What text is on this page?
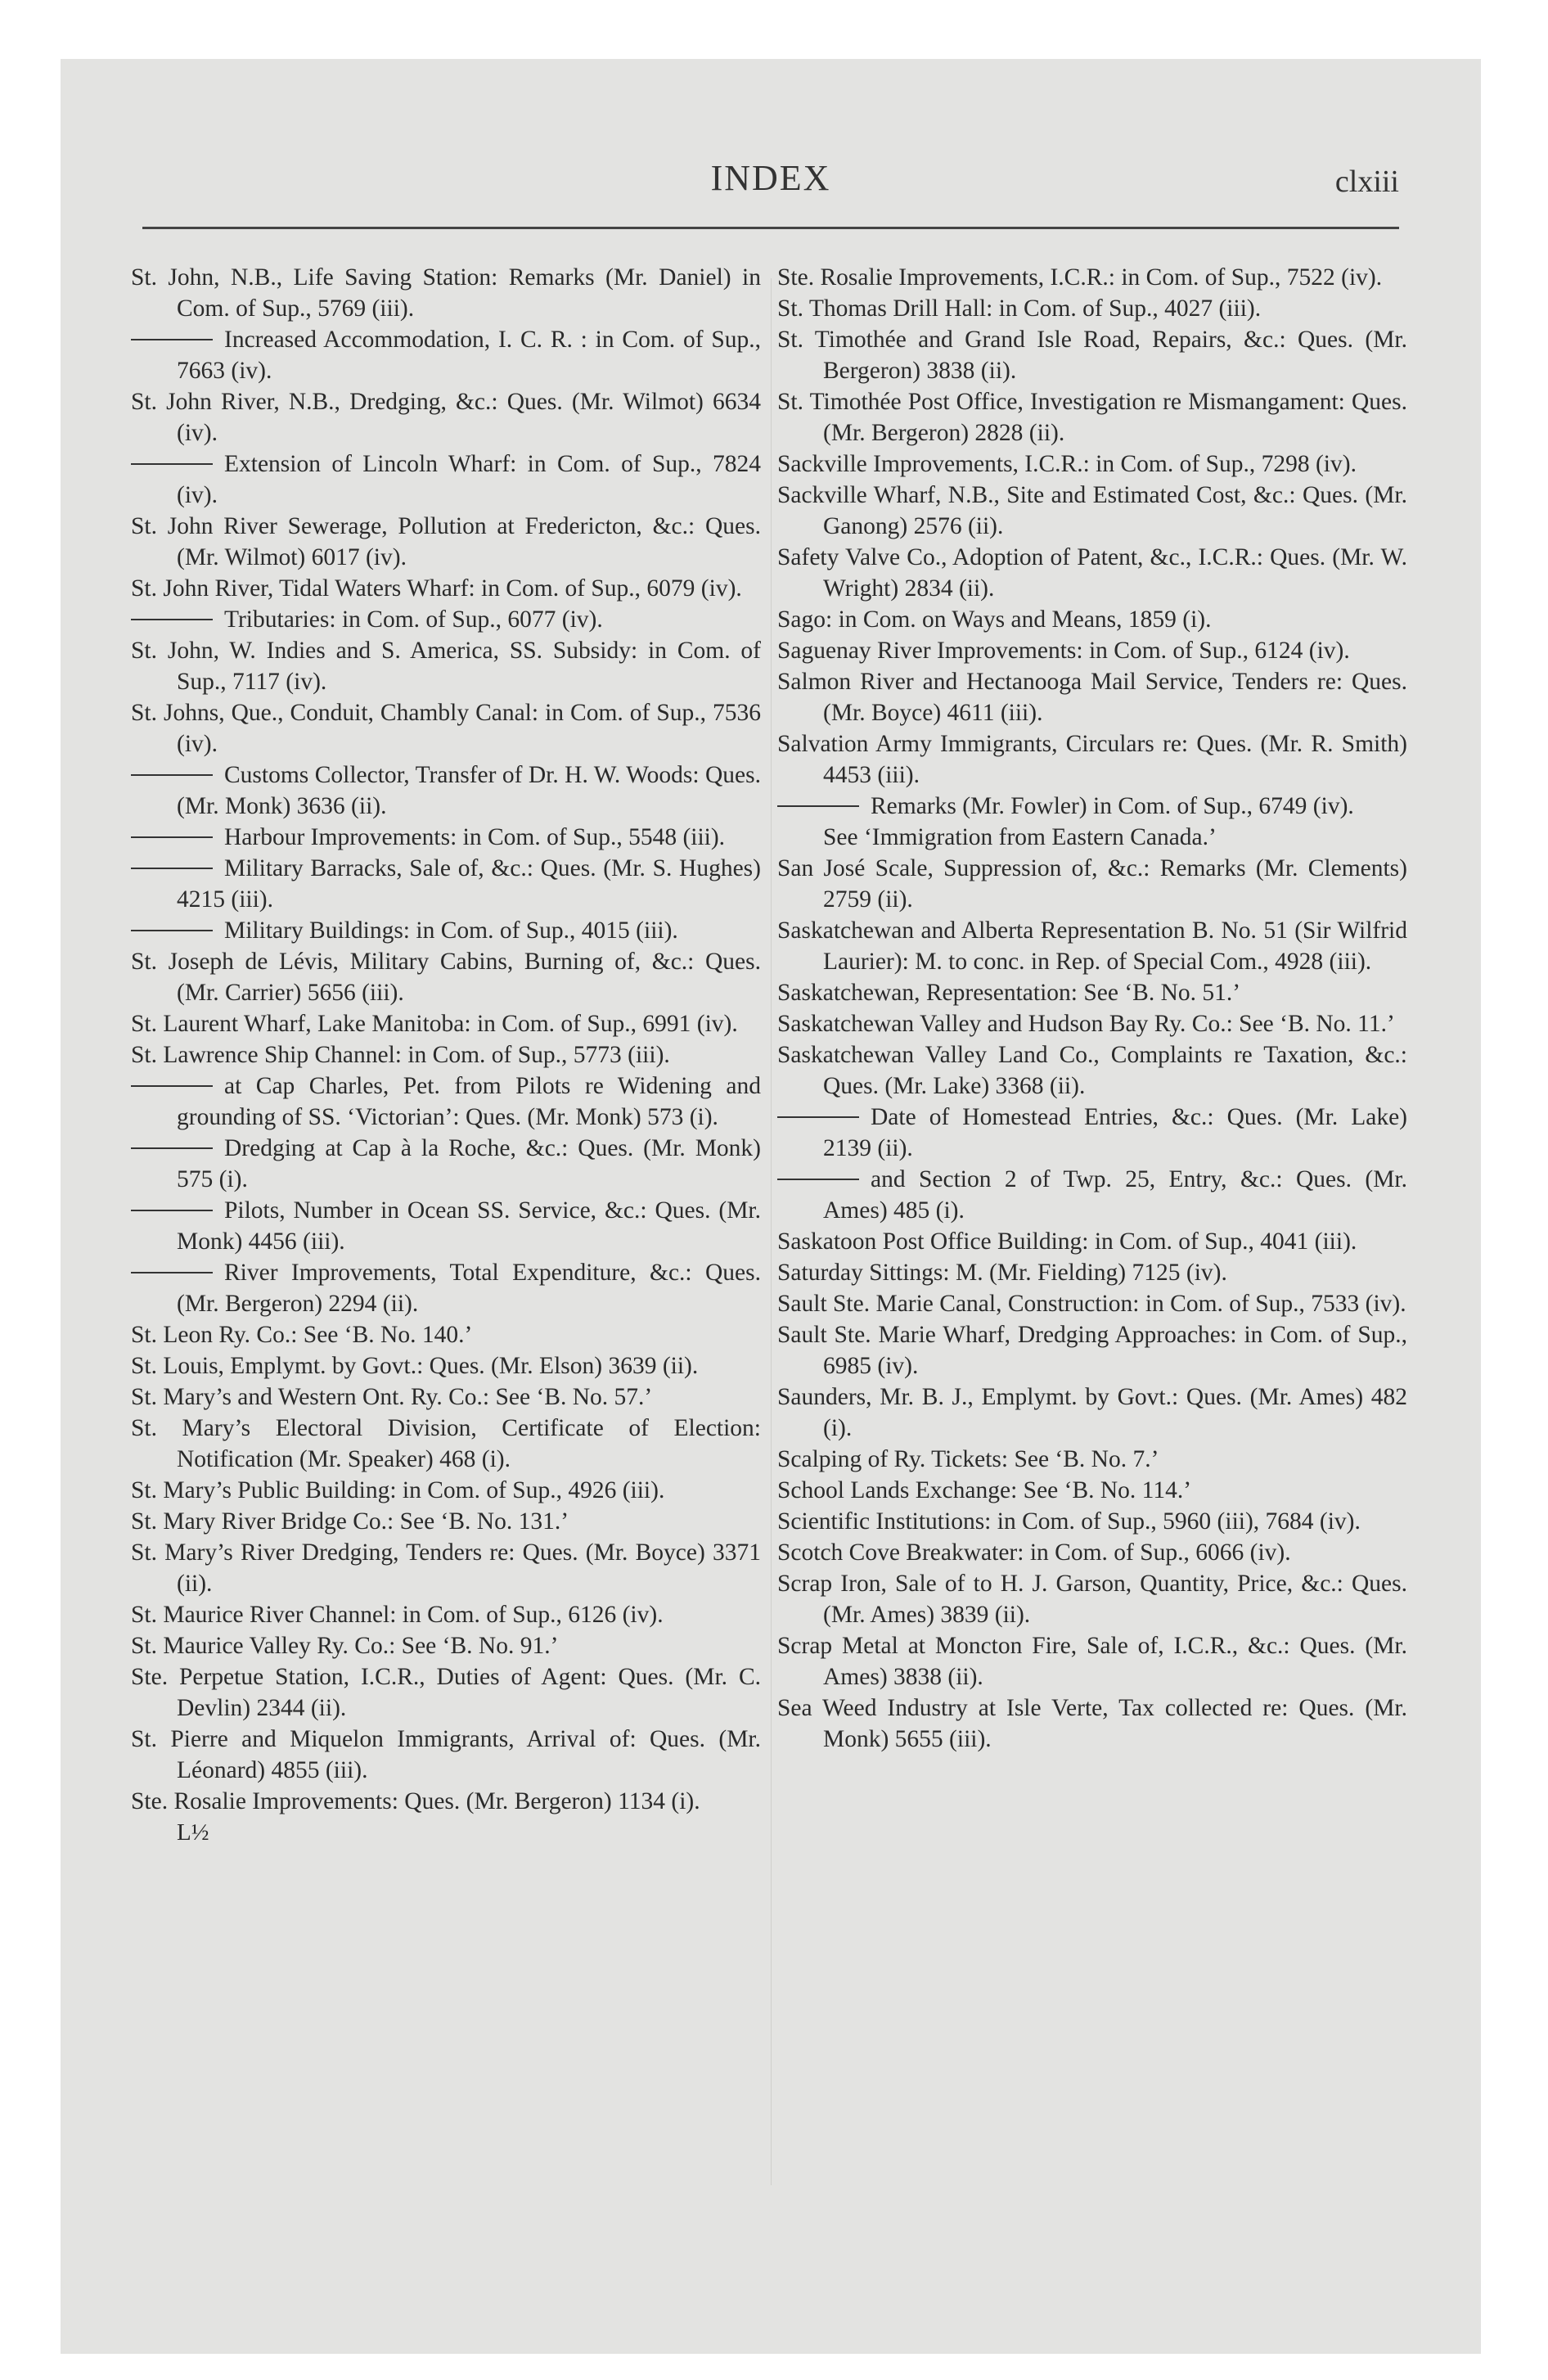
INDEX	clxiii

St. John, N.B., Life Saving Station: Remarks (Mr. Daniel) in Com. of Sup., 5769 (iii).

Increased Accommodation, I. C. R. : in Com. of Sup., 7663 (iv).

St. John River, N.B., Dredging, &c.: Ques. (Mr. Wilmot) 6634 (iv).

Extension of Lincoln Wharf: in Com. of Sup., 7824 (iv).

St. John River Sewerage, Pollution at Fredericton, &c.: Ques. (Mr. Wilmot) 6017 (iv).

St. John River, Tidal Waters Wharf: in Com. of Sup., 6079 (iv).

Tributaries: in Com. of Sup., 6077 (iv).

St. John, W. Indies and S. America, SS. Subsidy: in Com. of Sup., 7117 (iv).

St. Johns, Que., Conduit, Chambly Canal: in Com. of Sup., 7536 (iv).

Customs Collector, Transfer of Dr. H. W. Woods: Ques. (Mr. Monk) 3636 (ii).

Harbour Improvements: in Com. of Sup., 5548 (iii).

Military Barracks, Sale of, &c.: Ques. (Mr. S. Hughes) 4215 (iii).

Military Buildings: in Com. of Sup., 4015 (iii).

St. Joseph de Lévis, Military Cabins, Burning of, &c.: Ques. (Mr. Carrier) 5656 (iii).

St. Laurent Wharf, Lake Manitoba: in Com. of Sup., 6991 (iv).

St. Lawrence Ship Channel: in Com. of Sup., 5773 (iii).

at Cap Charles, Pet. from Pilots re Widening and grounding of SS. ‘Victorian’: Ques. (Mr. Monk) 573 (i).

Dredging at Cap à la Roche, &c.: Ques. (Mr. Monk) 575 (i).

Pilots, Number in Ocean SS. Service, &c.: Ques. (Mr. Monk) 4456 (iii).

River Improvements, Total Expenditure, &c.: Ques. (Mr. Bergeron) 2294 (ii).

St. Leon Ry. Co.: See ‘B. No. 140.’

St. Louis, Emplymt. by Govt.: Ques. (Mr. Elson) 3639 (ii).

St. Mary’s and Western Ont. Ry. Co.: See ‘B. No. 57.’

St. Mary’s Electoral Division, Certificate of Election: Notification (Mr. Speaker) 468 (i).

St. Mary’s Public Building: in Com. of Sup., 4926 (iii).

St. Mary River Bridge Co.: See ‘B. No. 131.’

St. Mary’s River Dredging, Tenders re: Ques. (Mr. Boyce) 3371 (ii).

St. Maurice River Channel: in Com. of Sup., 6126 (iv).

St. Maurice Valley Ry. Co.: See ‘B. No. 91.’

Ste. Perpetue Station, I.C.R., Duties of Agent: Ques. (Mr. C. Devlin) 2344 (ii).

St. Pierre and Miquelon Immigrants, Arrival of: Ques. (Mr. Léonard) 4855 (iii).

Ste. Rosalie Improvements: Ques. (Mr. Bergeron) 1134 (i).

L½

Ste. Rosalie Improvements, I.C.R.: in Com. of Sup., 7522 (iv).

St. Thomas Drill Hall: in Com. of Sup., 4027 (iii).

St. Timothée and Grand Isle Road, Repairs, &c.: Ques. (Mr. Bergeron) 3838 (ii).

St. Timothée Post Office, Investigation re Mismangament: Ques. (Mr. Bergeron) 2828 (ii).

Sackville Improvements, I.C.R.: in Com. of Sup., 7298 (iv).

Sackville Wharf, N.B., Site and Estimated Cost, &c.: Ques. (Mr. Ganong) 2576 (ii).

Safety Valve Co., Adoption of Patent, &c., I.C.R.: Ques. (Mr. W. Wright) 2834 (ii).

Sago: in Com. on Ways and Means, 1859 (i).

Saguenay River Improvements: in Com. of Sup., 6124 (iv).

Salmon River and Hectanooga Mail Service, Tenders re: Ques. (Mr. Boyce) 4611 (iii).

Salvation Army Immigrants, Circulars re: Ques. (Mr. R. Smith) 4453 (iii).

Remarks (Mr. Fowler) in Com. of Sup., 6749 (iv).

See ‘Immigration from Eastern Canada.’

San José Scale, Suppression of, &c.: Remarks (Mr. Clements) 2759 (ii).

Saskatchewan and Alberta Representation B. No. 51 (Sir Wilfrid Laurier): M. to conc. in Rep. of Special Com., 4928 (iii).

Saskatchewan, Representation: See ‘B. No. 51.’

Saskatchewan Valley and Hudson Bay Ry. Co.: See ‘B. No. 11.’

Saskatchewan Valley Land Co., Complaints re Taxation, &c.: Ques. (Mr. Lake) 3368 (ii).

Date of Homestead Entries, &c.: Ques. (Mr. Lake) 2139 (ii).

and Section 2 of Twp. 25, Entry, &c.: Ques. (Mr. Ames) 485 (i).

Saskatoon Post Office Building: in Com. of Sup., 4041 (iii).

Saturday Sittings: M. (Mr. Fielding) 7125 (iv).

Sault Ste. Marie Canal, Construction: in Com. of Sup., 7533 (iv).

Sault Ste. Marie Wharf, Dredging Approaches: in Com. of Sup., 6985 (iv).

Saunders, Mr. B. J., Emplymt. by Govt.: Ques. (Mr. Ames) 482 (i).

Scalping of Ry. Tickets: See ‘B. No. 7.’

School Lands Exchange: See ‘B. No. 114.’

Scientific Institutions: in Com. of Sup., 5960 (iii), 7684 (iv).

Scotch Cove Breakwater: in Com. of Sup., 6066 (iv).

Scrap Iron, Sale of to H. J. Garson, Quantity, Price, &c.: Ques. (Mr. Ames) 3839 (ii).

Scrap Metal at Moncton Fire, Sale of, I.C.R., &c.: Ques. (Mr. Ames) 3838 (ii).

Sea Weed Industry at Isle Verte, Tax collected re: Ques. (Mr. Monk) 5655 (iii).
